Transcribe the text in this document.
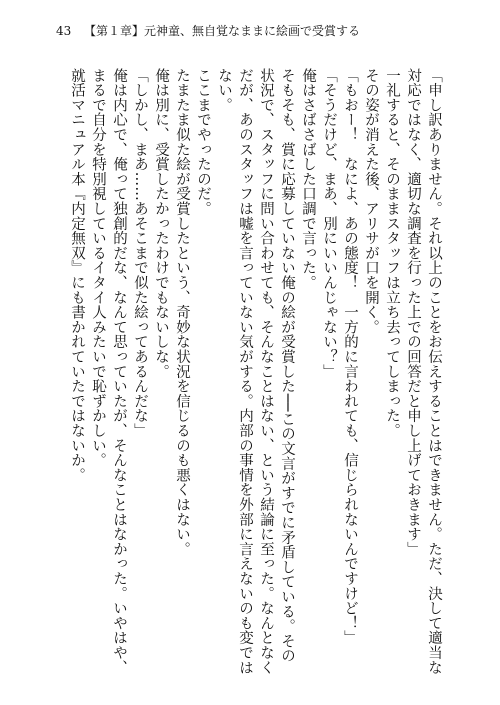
43 【第１章】元神童、無自覚なままに絵画で受賞する

「申し訳ありません。それ以上のことをお伝えすることはできません。ただ、決して適当な対応ではなく、適切な調査を行った上での回答だと申し上げておきます」

一礼すると、そのままスタッフは立ち去ってしまった。

その姿が消えた後、アリサが口を開く。

「もおー！　なによ、あの態度！　一方的に言われても、信じられないんですけど！」

「そうだけど、まあ、別にいいんじゃない？」

俺はさばさばした口調で言った。

そもそも、賞に応募していない俺の絵が受賞した──この文言がすでに矛盾している。その状況で、スタッフに問い合わせても、そんなことはない、という結論に至った。なんとなくだが、あのスタッフは嘘を言っていない気がする。内部の事情を外部に言えないのも変ではない。

ここまでやったのだ。

たまたま似た絵が受賞したという、奇妙な状況を信じるのも悪くはない。

俺は別に、受賞したかったわけでもないしな。

「しかし、まあ……あそこまで似た絵ってあるんだな」

俺は内心で、俺って独創的だな、なんて思っていたが、そんなことはなかった。いやはや、まるで自分を特別視しているイタイ人みたいで恥ずかしい。

就活マニュアル本『内定無双』にも書かれていたではないか。
